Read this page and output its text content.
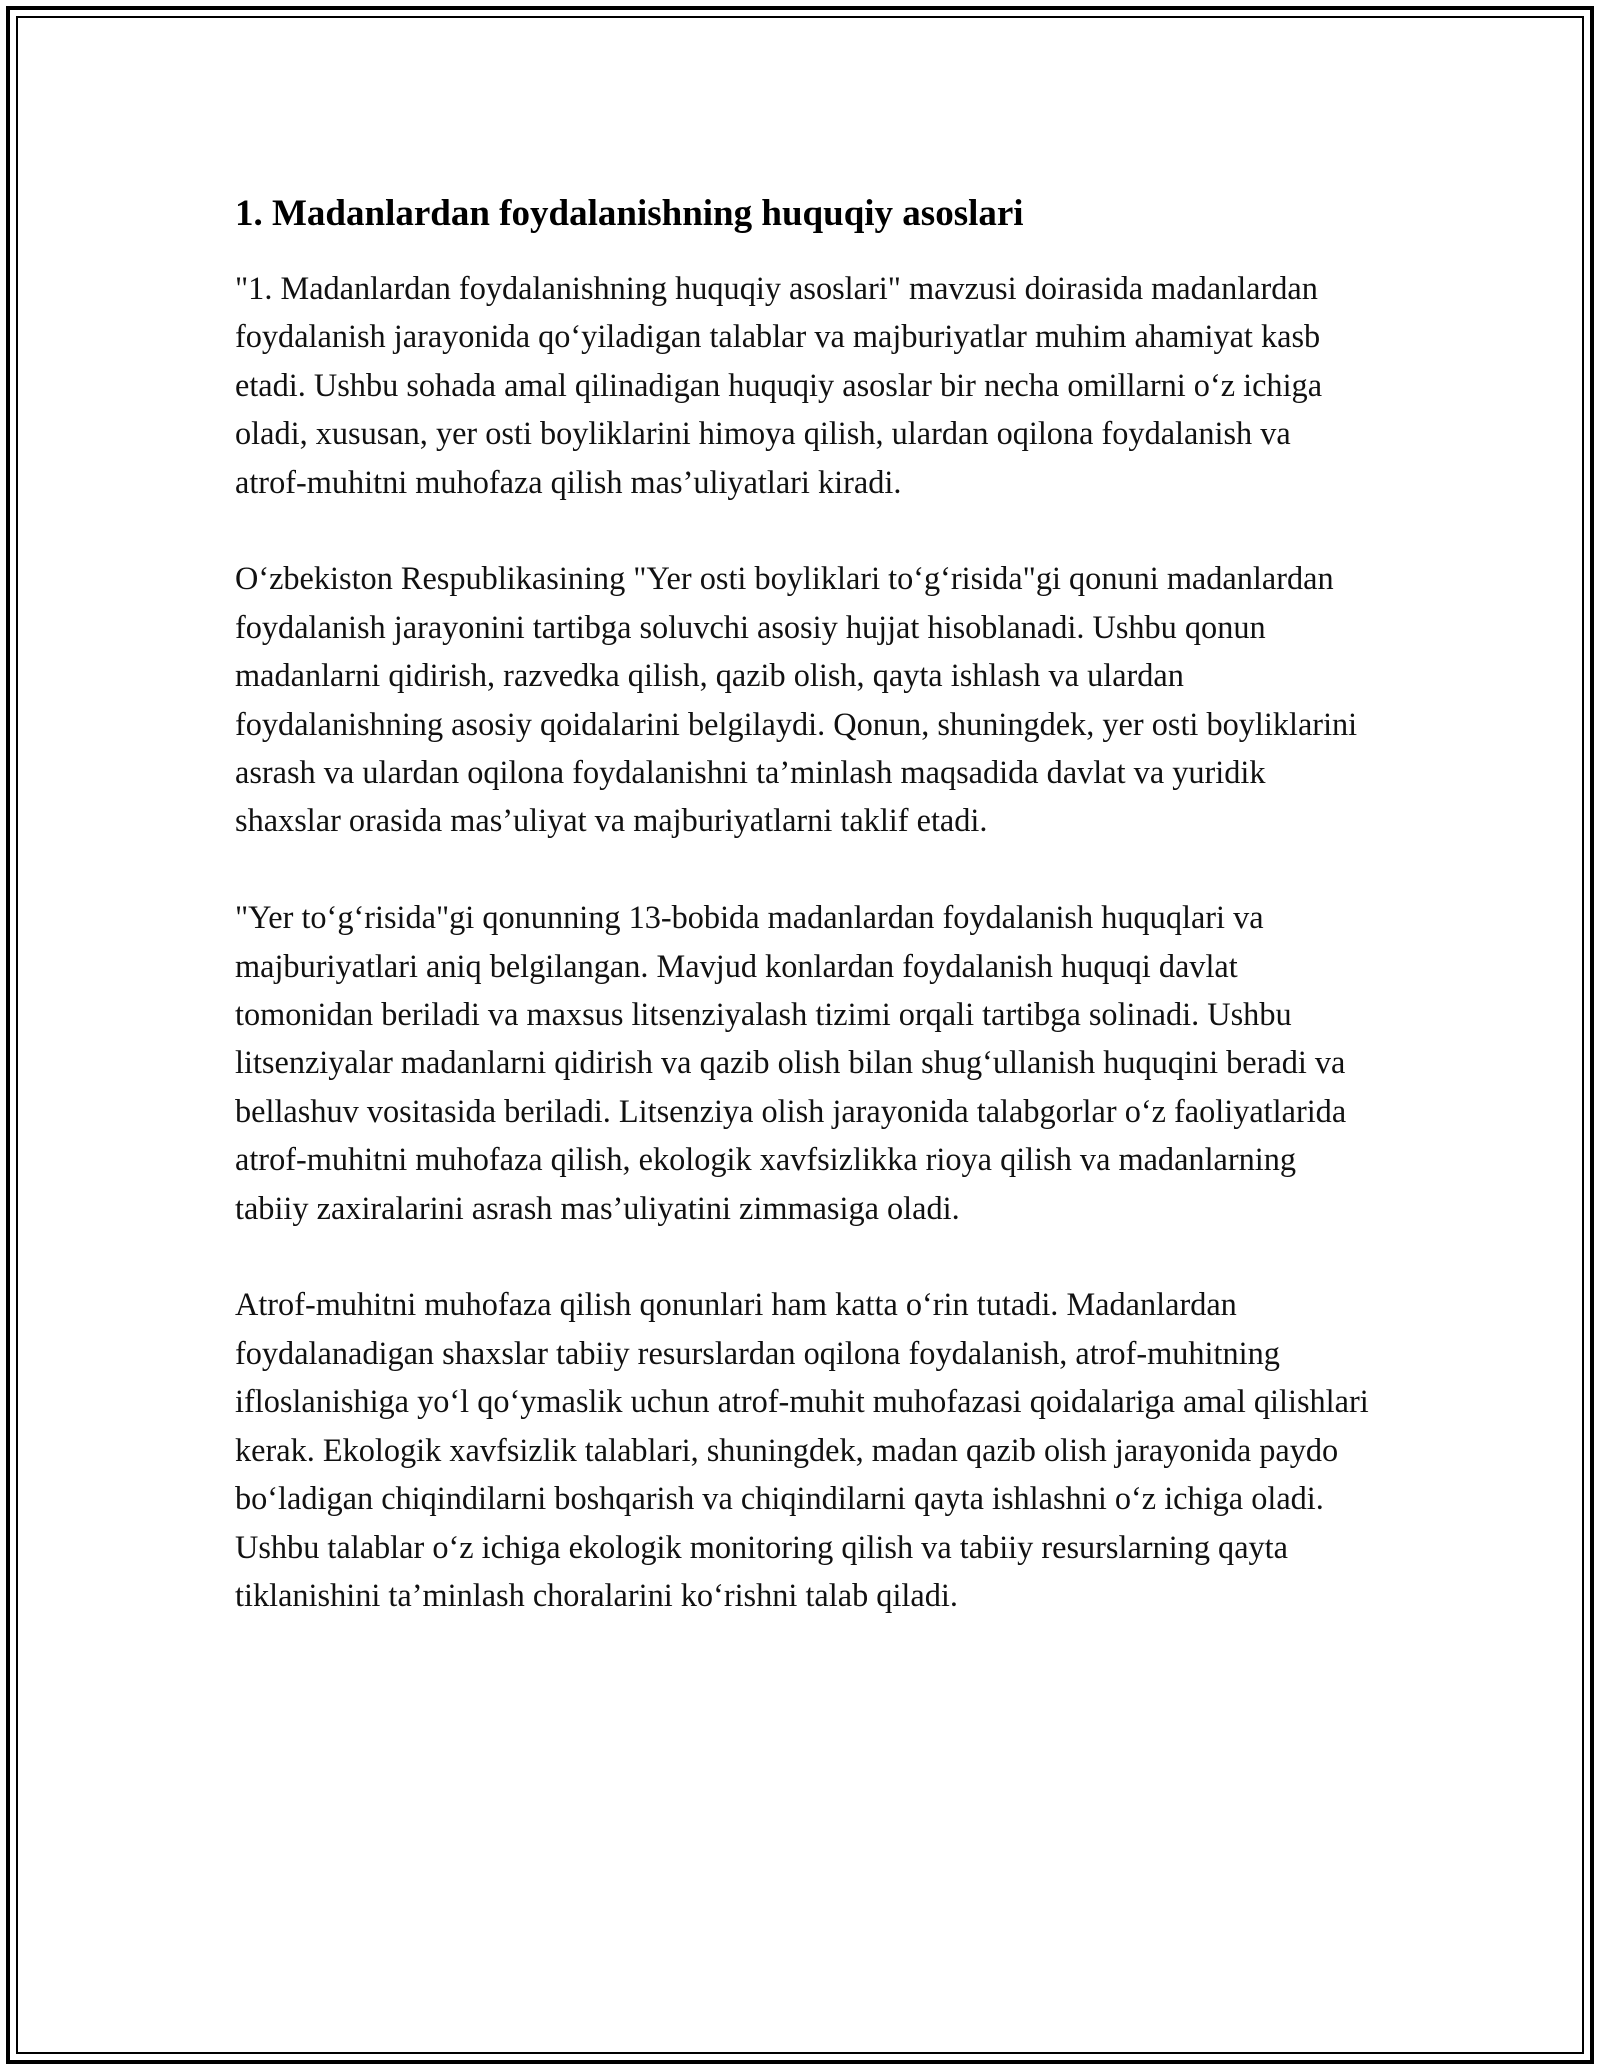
1. Madanlardan foydalanishning huquqiy asoslari

"1. Madanlardan foydalanishning huquqiy asoslari" mavzusi doirasida madanlardan foydalanish jarayonida qo‘yiladigan talablar va majburiyatlar muhim ahamiyat kasb etadi. Ushbu sohada amal qilinadigan huquqiy asoslar bir necha omillarni o‘z ichiga oladi, xususan, yer osti boyliklarini himoya qilish, ulardan oqilona foydalanish va atrof-muhitni muhofaza qilish mas’uliyatlari kiradi.

O‘zbekiston Respublikasining "Yer osti boyliklari to‘g‘risida"gi qonuni madanlardan foydalanish jarayonini tartibga soluvchi asosiy hujjat hisoblanadi. Ushbu qonun madanlarni qidirish, razvedka qilish, qazib olish, qayta ishlash va ulardan foydalanishning asosiy qoidalarini belgilaydi. Qonun, shuningdek, yer osti boyliklarini asrash va ulardan oqilona foydalanishni ta’minlash maqsadida davlat va yuridik shaxslar orasida mas’uliyat va majburiyatlarni taklif etadi.

"Yer to‘g‘risida"gi qonunning 13-bobida madanlardan foydalanish huquqlari va majburiyatlari aniq belgilangan. Mavjud konlardan foydalanish huquqi davlat tomonidan beriladi va maxsus litsenziyalash tizimi orqali tartibga solinadi. Ushbu litsenziyalar madanlarni qidirish va qazib olish bilan shug‘ullanish huquqini beradi va bellashuv vositasida beriladi. Litsenziya olish jarayonida talabgorlar o‘z faoliyatlarida atrof-muhitni muhofaza qilish, ekologik xavfsizlikka rioya qilish va madanlarning tabiiy zaxiralarini asrash mas’uliyatini zimmasiga oladi.

Atrof-muhitni muhofaza qilish qonunlari ham katta o‘rin tutadi. Madanlardan foydalanadigan shaxslar tabiiy resurslardan oqilona foydalanish, atrof-muhitning ifloslanishiga yo‘l qo‘ymaslik uchun atrof-muhit muhofazasi qoidalariga amal qilishlari kerak. Ekologik xavfsizlik talablari, shuningdek, madan qazib olish jarayonida paydo bo‘ladigan chiqindilarni boshqarish va chiqindilarni qayta ishlashni o‘z ichiga oladi. Ushbu talablar o‘z ichiga ekologik monitoring qilish va tabiiy resurslarning qayta tiklanishini ta’minlash choralarini ko‘rishni talab qiladi.
